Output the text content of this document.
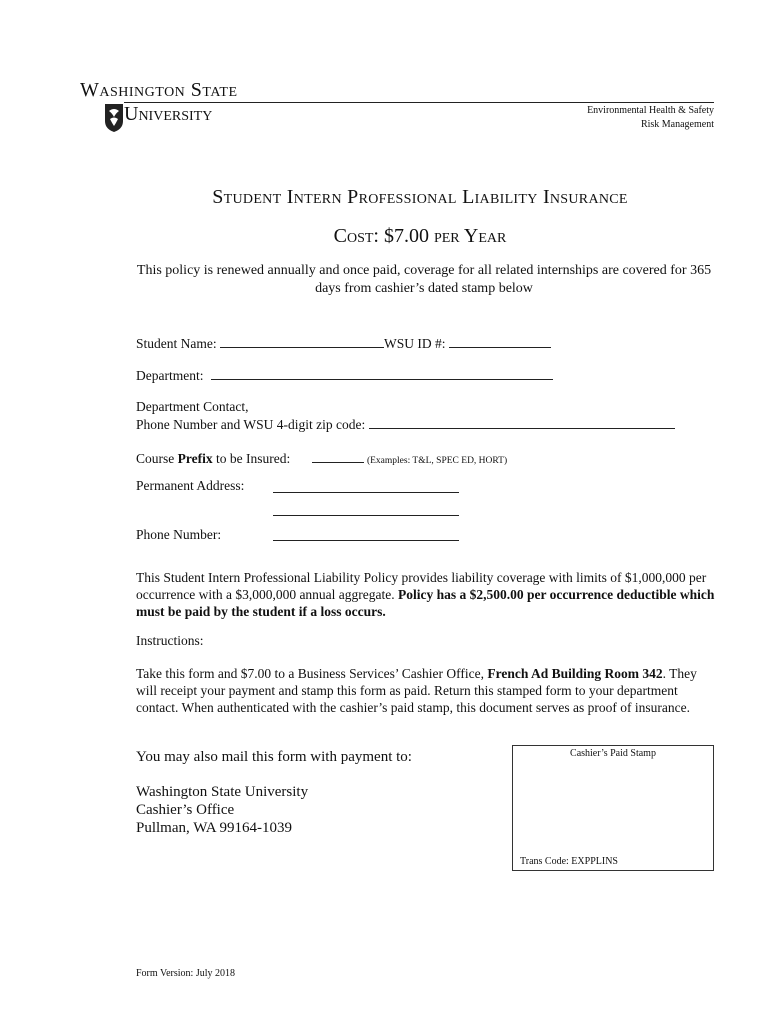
Washington State
University	Environmental Health & Safety
Risk Management
Student Intern Professional Liability Insurance
Cost: $7.00 per Year
This policy is renewed annually and once paid, coverage for all related internships are covered for 365 days from cashier’s dated stamp below
Student Name:	WSU ID #:
Department:
Department Contact,
Phone Number and WSU 4-digit zip code:
Course Prefix to be Insured:	(Examples: T&L, SPEC ED, HORT)
Permanent Address:
Phone Number:
This Student Intern Professional Liability Policy provides liability coverage with limits of $1,000,000 per occurrence with a $3,000,000 annual aggregate. Policy has a $2,500.00 per occurrence deductible which must be paid by the student if a loss occurs.
Instructions:
Take this form and $7.00 to a Business Services’ Cashier Office, French Ad Building Room 342. They will receipt your payment and stamp this form as paid. Return this stamped form to your department contact. When authenticated with the cashier’s paid stamp, this document serves as proof of insurance.
You may also mail this form with payment to:
Washington State University
Cashier’s Office
Pullman, WA 99164-1039
Cashier’s Paid Stamp
Trans Code: EXPPLINS
Form Version: July 2018
